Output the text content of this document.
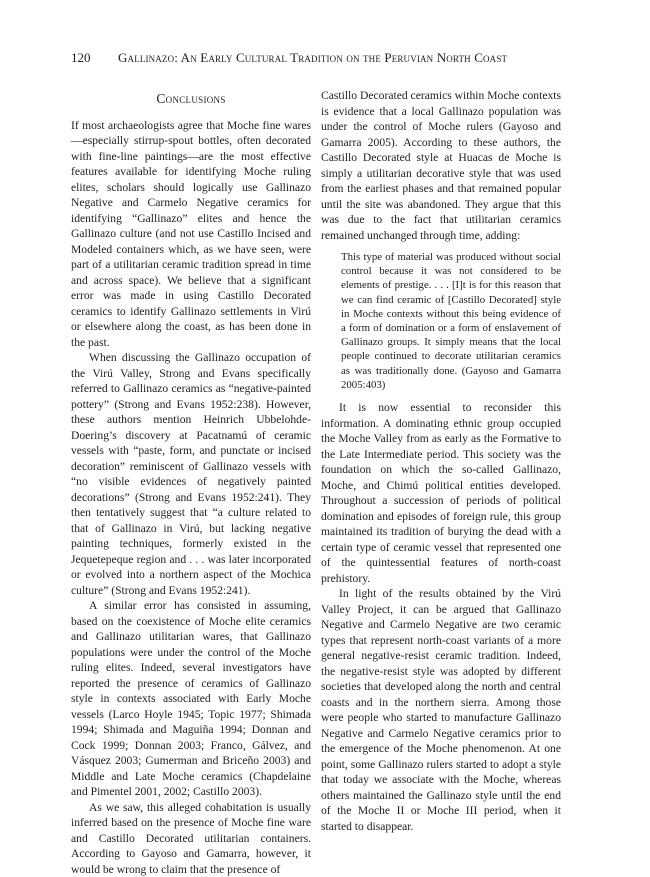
120 Gallinazo: An Early Cultural Tradition on the Peruvian North Coast
Conclusions

If most archaeologists agree that Moche fine wares—especially stirrup-spout bottles, often decorated with fine-line paintings—are the most effective features available for identifying Moche ruling elites, scholars should logically use Gallinazo Negative and Carmelo Negative ceramics for identifying “Gallinazo” elites and hence the Gallinazo culture (and not use Castillo Incised and Modeled containers which, as we have seen, were part of a utilitarian ceramic tradition spread in time and across space). We believe that a significant error was made in using Castillo Decorated ceramics to identify Gallinazo settlements in Virú or elsewhere along the coast, as has been done in the past.

When discussing the Gallinazo occupation of the Virú Valley, Strong and Evans specifically referred to Gallinazo ceramics as “negative-painted pottery” (Strong and Evans 1952:238). However, these authors mention Heinrich Ubbelohde-Doering’s discovery at Pacatnamú of ceramic vessels with “paste, form, and punctate or incised decoration” reminiscent of Gallinazo vessels with “no visible evidences of negatively painted decorations” (Strong and Evans 1952:241). They then tentatively suggest that “a culture related to that of Gallinazo in Virú, but lacking negative painting techniques, formerly existed in the Jequetepeque region and . . . was later incorporated or evolved into a northern aspect of the Mochica culture” (Strong and Evans 1952:241).

A similar error has consisted in assuming, based on the coexistence of Moche elite ceramics and Gallinazo utilitarian wares, that Gallinazo populations were under the control of the Moche ruling elites. Indeed, several investigators have reported the presence of ceramics of Gallinazo style in contexts associated with Early Moche vessels (Larco Hoyle 1945; Topic 1977; Shimada 1994; Shimada and Maguiña 1994; Donnan and Cock 1999; Donnan 2003; Franco, Gálvez, and Vásquez 2003; Gumerman and Briceño 2003) and Middle and Late Moche ceramics (Chapdelaine and Pimentel 2001, 2002; Castillo 2003).

As we saw, this alleged cohabitation is usually inferred based on the presence of Moche fine ware and Castillo Decorated utilitarian containers. According to Gayoso and Gamarra, however, it would be wrong to claim that the presence of

Castillo Decorated ceramics within Moche contexts is evidence that a local Gallinazo population was under the control of Moche rulers (Gayoso and Gamarra 2005). According to these authors, the Castillo Decorated style at Huacas de Moche is simply a utilitarian decorative style that was used from the earliest phases and that remained popular until the site was abandoned. They argue that this was due to the fact that utilitarian ceramics remained unchanged through time, adding:

This type of material was produced without social control because it was not considered to be elements of prestige. . . . [I]t is for this reason that we can find ceramic of [Castillo Decorated] style in Moche contexts without this being evidence of a form of domination or a form of enslavement of Gallinazo groups. It simply means that the local people continued to decorate utilitarian ceramics as was traditionally done. (Gayoso and Gamarra 2005:403)

It is now essential to reconsider this information. A dominating ethnic group occupied the Moche Valley from as early as the Formative to the Late Intermediate period. This society was the foundation on which the so-called Gallinazo, Moche, and Chimú political entities developed. Throughout a succession of periods of political domination and episodes of foreign rule, this group maintained its tradition of burying the dead with a certain type of ceramic vessel that represented one of the quintessential features of north-coast prehistory.

In light of the results obtained by the Virú Valley Project, it can be argued that Gallinazo Negative and Carmelo Negative are two ceramic types that represent north-coast variants of a more general negative-resist ceramic tradition. Indeed, the negative-resist style was adopted by different societies that developed along the north and central coasts and in the northern sierra. Among those were people who started to manufacture Gallinazo Negative and Carmelo Negative ceramics prior to the emergence of the Moche phenomenon. At one point, some Gallinazo rulers started to adopt a style that today we associate with the Moche, whereas others maintained the Gallinazo style until the end of the Moche II or Moche III period, when it started to disappear.
